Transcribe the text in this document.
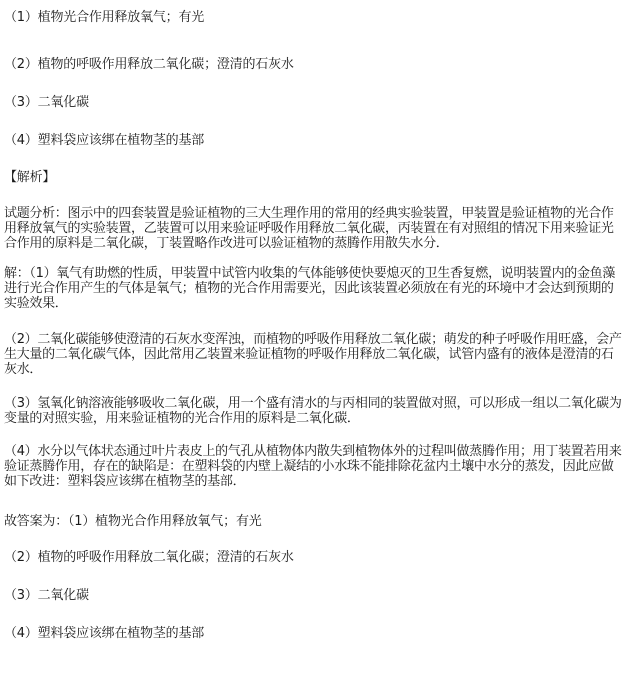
（1）植物光合作用释放氧气；有光
（2）植物的呼吸作用释放二氧化碳；澄清的石灰水
（3）二氧化碳
（4）塑料袋应该绑在植物茎的基部
【解析】
试题分析：图示中的四套装置是验证植物的三大生理作用的常用的经典实验装置，甲装置是验证植物的光合作用释放氧气的实验装置，乙装置可以用来验证呼吸作用释放二氧化碳，丙装置在有对照组的情况下用来验证光合作用的原料是二氧化碳，丁装置略作改进可以验证植物的蒸腾作用散失水分．
解：（1）氧气有助燃的性质，甲装置中试管内收集的气体能够使快要熄灭的卫生香复燃，说明装置内的金鱼藻进行光合作用产生的气体是氧气；植物的光合作用需要光，因此该装置必须放在有光的环境中才会达到预期的实验效果．
（2）二氧化碳能够使澄清的石灰水变浑浊，而植物的呼吸作用释放二氧化碳；萌发的种子呼吸作用旺盛，会产生大量的二氧化碳气体，因此常用乙装置来验证植物的呼吸作用释放二氧化碳，试管内盛有的液体是澄清的石灰水．
（3）氢氧化钠溶液能够吸收二氧化碳，用一个盛有清水的与丙相同的装置做对照，可以形成一组以二氧化碳为变量的对照实验，用来验证植物的光合作用的原料是二氧化碳．
（4）水分以气体状态通过叶片表皮上的气孔从植物体内散失到植物体外的过程叫做蒸腾作用；用丁装置若用来验证蒸腾作用，存在的缺陷是：在塑料袋的内壁上凝结的小水珠不能排除花盆内土壤中水分的蒸发，因此应做如下改进：塑料袋应该绑在植物茎的基部．
故答案为：（1）植物光合作用释放氧气；有光
（2）植物的呼吸作用释放二氧化碳；澄清的石灰水
（3）二氧化碳
（4）塑料袋应该绑在植物茎的基部
